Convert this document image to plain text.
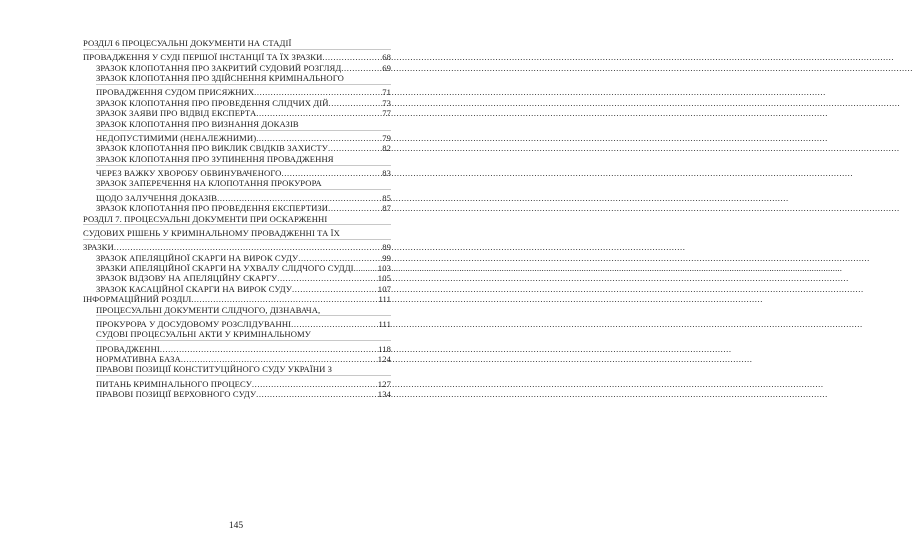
РОЗДІЛ 6 ПРОЦЕСУАЛЬНІ ДОКУМЕНТИ НА СТАДІЇ
ПРОВАДЖЕННЯ У СУДІ ПЕРШОЇ ІНСТАНЦІЇ ТА ЇХ ЗРАЗКИ .....	68
ЗРАЗОК КЛОПОТАННЯ ПРО ЗАКРИТИЙ СУДОВИЙ РОЗГЛЯД .....	69
ЗРАЗОК КЛОПОТАННЯ ПРО ЗДІЙСНЕННЯ КРИМІНАЛЬНОГО
ПРОВАДЖЕННЯ СУДОМ ПРИСЯЖНИХ .....	71
ЗРАЗОК КЛОПОТАННЯ ПРО ПРОВЕДЕННЯ СЛІДЧИХ ДІЙ .....	73
ЗРАЗОК ЗАЯВИ ПРО ВІДВІД ЕКСПЕРТА .....	77
ЗРАЗОК КЛОПОТАННЯ ПРО ВИЗНАННЯ ДОКАЗІВ
НЕДОПУСТИМИМИ (НЕНАЛЕЖНИМИ) .....	79
ЗРАЗОК КЛОПОТАННЯ ПРО ВИКЛИК СВІДКІВ ЗАХИСТУ .....	82
ЗРАЗОК КЛОПОТАННЯ ПРО ЗУПИНЕННЯ ПРОВАДЖЕННЯ
ЧЕРЕЗ ВАЖКУ ХВОРОБУ ОБВИНУВАЧЕНОГО .....	83
ЗРАЗОК ЗАПЕРЕЧЕННЯ НА КЛОПОТАННЯ ПРОКУРОРА
ЩОДО ЗАЛУЧЕННЯ ДОКАЗІВ .....	85
ЗРАЗОК КЛОПОТАННЯ ПРО ПРОВЕДЕННЯ ЕКСПЕРТИЗИ .....	87
РОЗДІЛ 7. ПРОЦЕСУАЛЬНІ ДОКУМЕНТИ ПРИ ОСКАРЖЕННІ
СУДОВИХ РІШЕНЬ У КРИМІНАЛЬНОМУ ПРОВАДЖЕННІ ТА ЇХ
ЗРАЗКИ .....	89
ЗРАЗОК АПЕЛЯЦІЙНОЇ СКАРГИ НА ВИРОК СУДУ .....	99
ЗРАЗКИ АПЕЛЯЦІЙНОЇ СКАРГИ НА УХВАЛУ СЛІДЧОГО СУДДІ .....	103
ЗРАЗОК ВІДЗОВУ НА АПЕЛЯЦІЙНУ СКАРГУ .....	105
ЗРАЗОК КАСАЦІЙНОЇ СКАРГИ НА ВИРОК СУДУ .....	107
ІНФОРМАЦІЙНИЙ РОЗДІЛ .....	111
ПРОЦЕСУАЛЬНІ ДОКУМЕНТИ СЛІДЧОГО, ДІЗНАВАЧА,
ПРОКУРОРА У ДОСУДОВОМУ РОЗСЛІДУВАННІ .....	111
СУДОВІ ПРОЦЕСУАЛЬНІ АКТИ У КРИМІНАЛЬНОМУ
ПРОВАДЖЕННІ .....	118
НОРМАТИВНА БАЗА .....	124
ПРАВОВІ ПОЗИЦІЇ КОНСТИТУЦІЙНОГО СУДУ УКРАЇНИ З
ПИТАНЬ КРИМІНАЛЬНОГО ПРОЦЕСУ .....	127
ПРАВОВІ ПОЗИЦІЇ ВЕРХОВНОГО СУДУ .....	134
145
